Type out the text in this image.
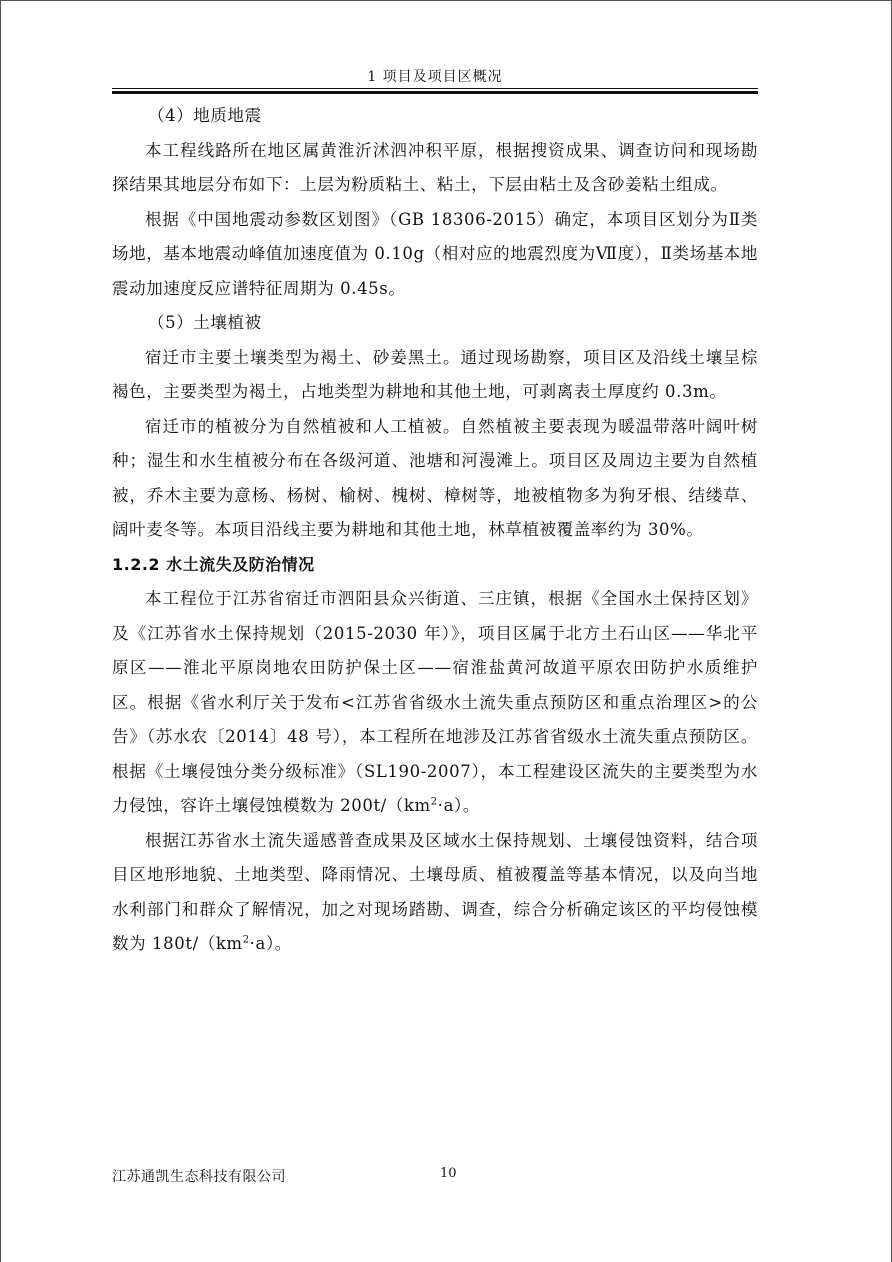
1 项目及项目区概况

（4）地质地震

本工程线路所在地区属黄淮沂沭泗冲积平原，根据搜资成果、调查访问和现场勘探结果其地层分布如下：上层为粉质粘土、粘土，下层由粘土及含砂姜粘土组成。

根据《中国地震动参数区划图》（GB 18306-2015）确定，本项目区划分为Ⅱ类场地，基本地震动峰值加速度值为 0.10g（相对应的地震烈度为Ⅶ度），Ⅱ类场基本地震动加速度反应谱特征周期为 0.45s。

（5）土壤植被

宿迁市主要土壤类型为褐土、砂姜黑土。通过现场勘察，项目区及沿线土壤呈棕褐色，主要类型为褐土，占地类型为耕地和其他土地，可剥离表土厚度约 0.3m。

宿迁市的植被分为自然植被和人工植被。自然植被主要表现为暖温带落叶阔叶树种；湿生和水生植被分布在各级河道、池塘和河漫滩上。项目区及周边主要为自然植被，乔木主要为意杨、杨树、榆树、槐树、樟树等，地被植物多为狗牙根、结缕草、阔叶麦冬等。本项目沿线主要为耕地和其他土地，林草植被覆盖率约为 30%。

1.2.2 水土流失及防治情况

本工程位于江苏省宿迁市泗阳县众兴街道、三庄镇，根据《全国水土保持区划》及《江苏省水土保持规划（2015-2030 年）》，项目区属于北方土石山区——华北平原区——淮北平原岗地农田防护保土区——宿淮盐黄河故道平原农田防护水质维护区。根据《省水利厅关于发布<江苏省省级水土流失重点预防区和重点治理区>的公告》（苏水农〔2014〕48 号），本工程所在地涉及江苏省省级水土流失重点预防区。根据《土壤侵蚀分类分级标准》（SL190-2007），本工程建设区流失的主要类型为水力侵蚀，容许土壤侵蚀模数为 $200t/(km^2\cdot a)$。

根据江苏省水土流失遥感普查成果及区域水土保持规划、土壤侵蚀资料，结合项目区地形地貌、土地类型、降雨情况、土壤母质、植被覆盖等基本情况，以及向当地水利部门和群众了解情况，加之对现场踏勘、调查，综合分析确定该区的平均侵蚀模数为 $180t/(km^2\cdot a)$。

江苏通凯生态科技有限公司	10
